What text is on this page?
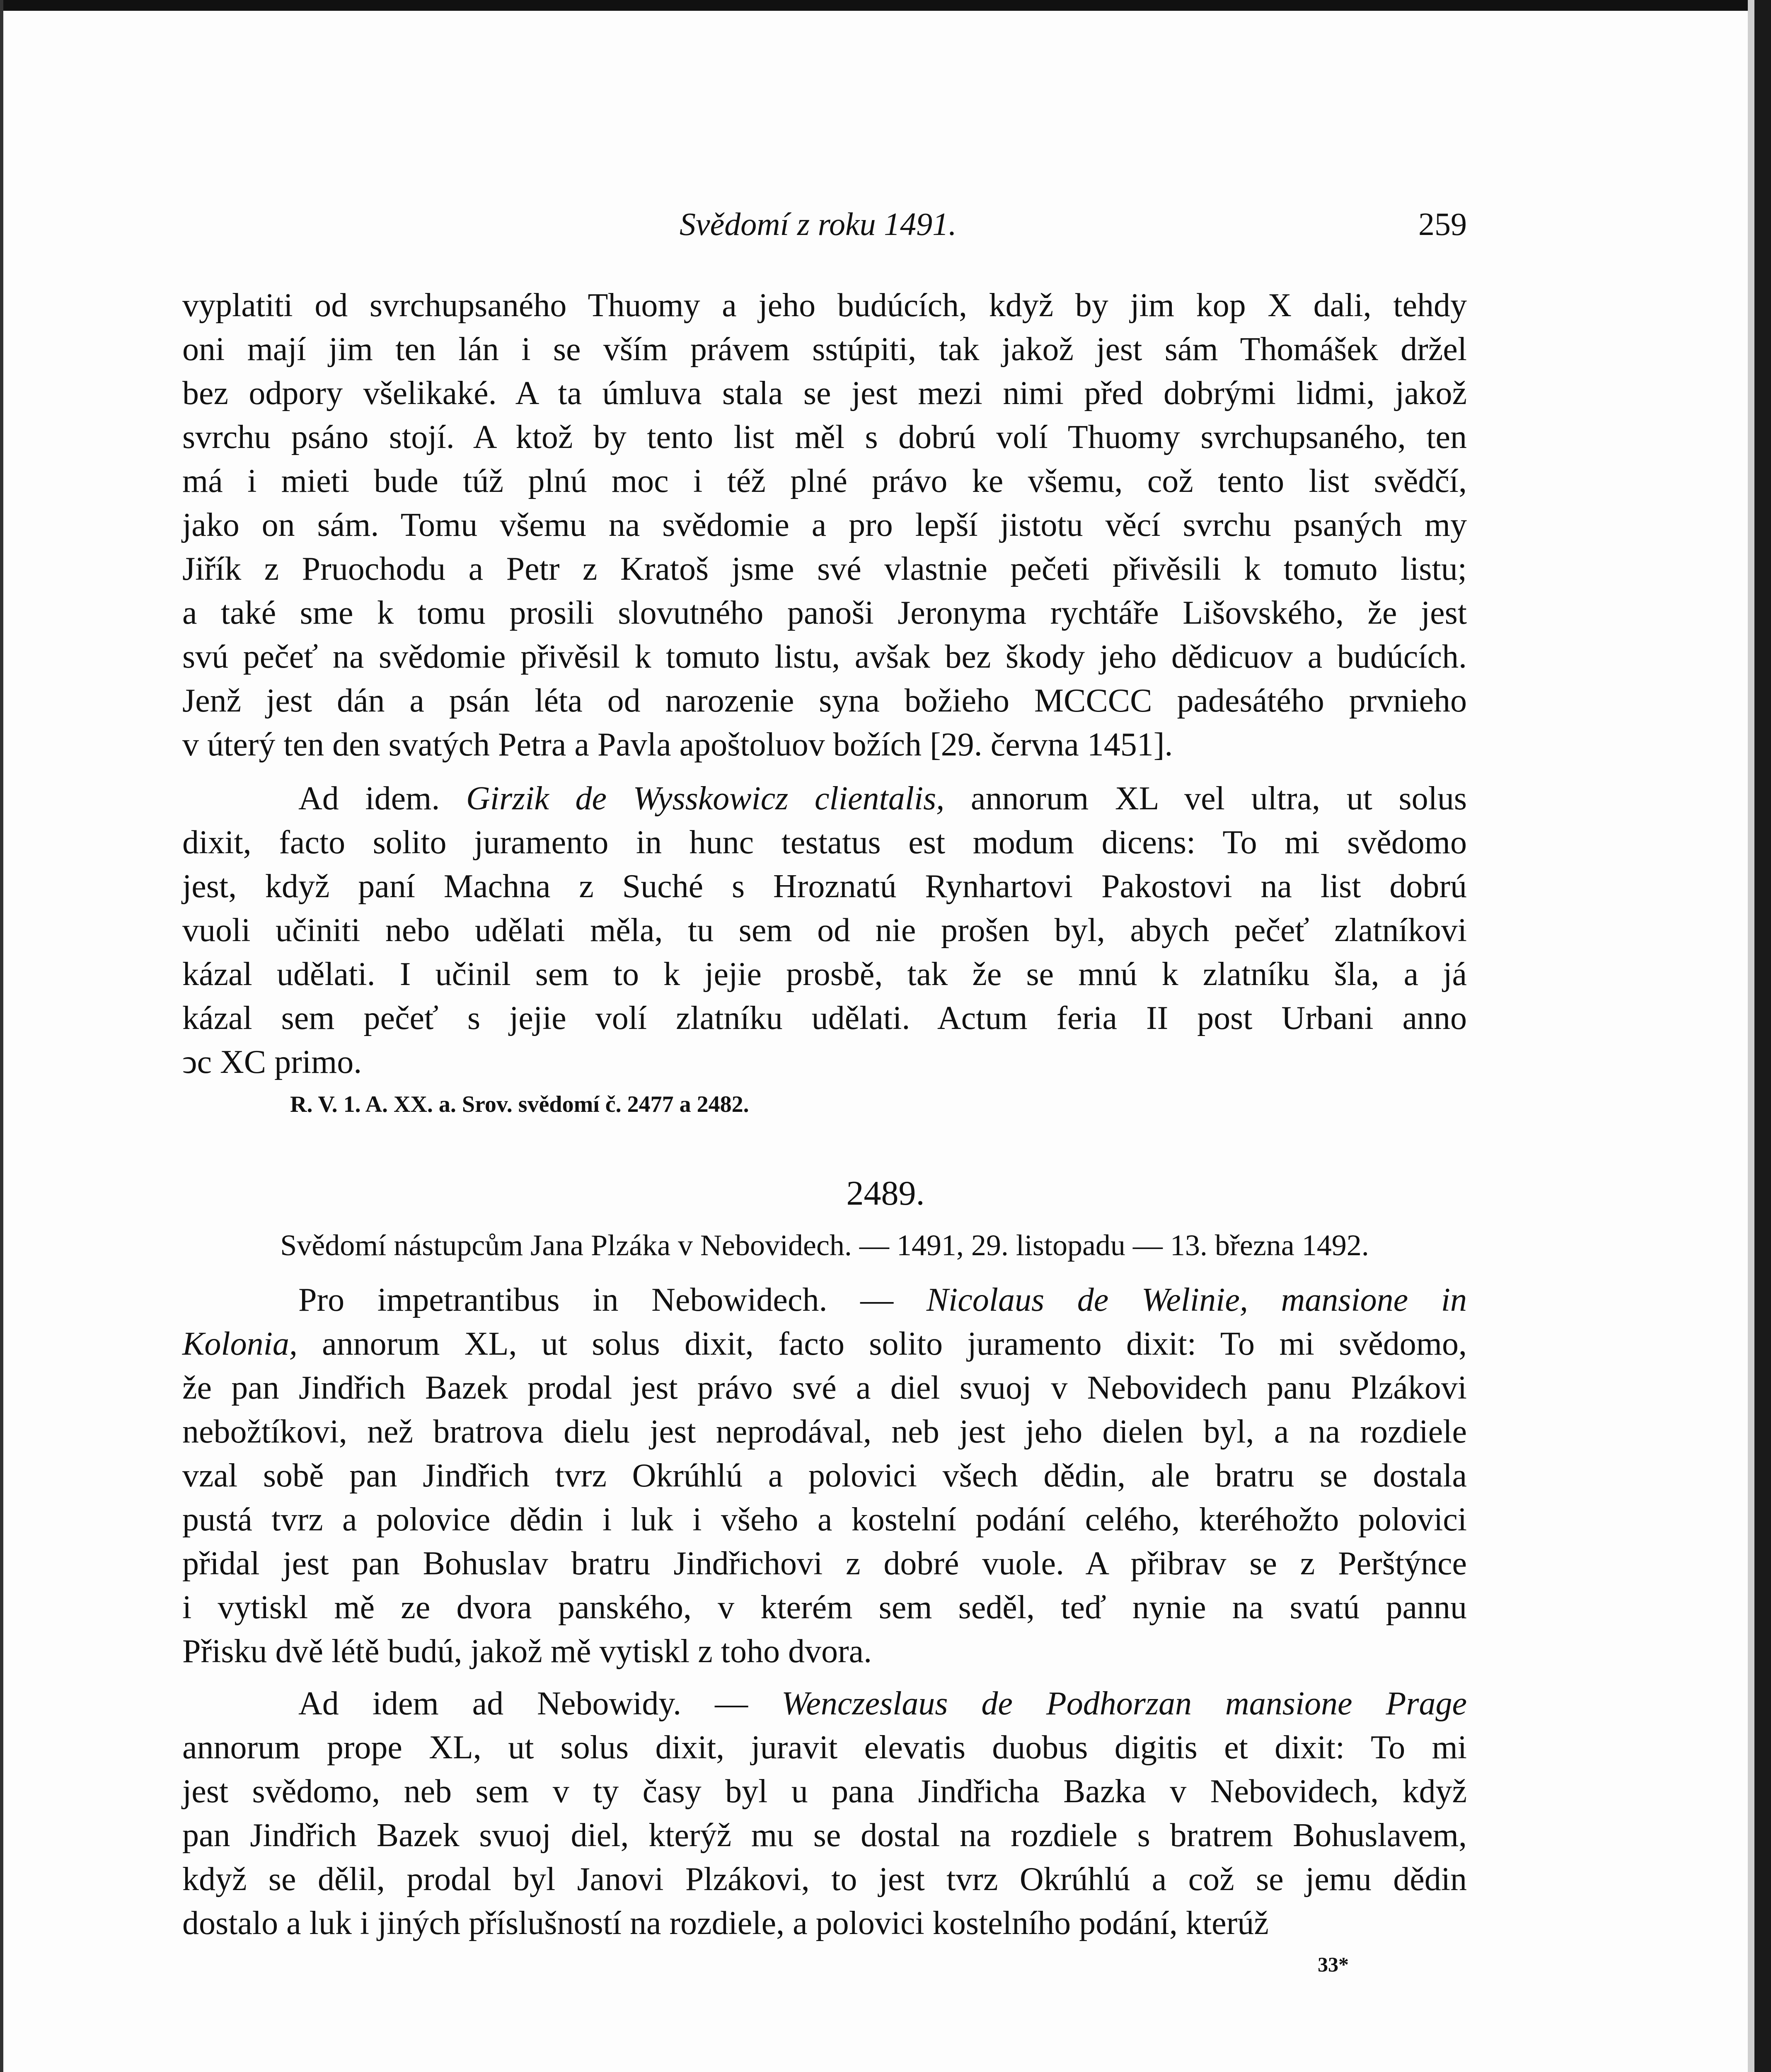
Svědomí z roku 1491.	259
vyplatiti od svrchupsaného Thuomy a jeho budúcích, když by jim kop X dali, tehdy
oni mají jim ten lán i se vším právem sstúpiti, tak jakož jest sám Thomášek držel
bez odpory všelikaké. A ta úmluva stala se jest mezi nimi před dobrými lidmi, jakož
svrchu psáno stojí. A ktož by tento list měl s dobrú volí Thuomy svrchupsaného, ten
má i mieti bude túž plnú moc i též plné právo ke všemu, což tento list svědčí,
jako on sám. Tomu všemu na svědomie a pro lepší jistotu věcí svrchu psaných my
Jiřík z Pruochodu a Petr z Kratoš jsme své vlastnie pečeti přivěsili k tomuto listu;
a také sme k tomu prosili slovutného panoši Jeronyma rychtáře Lišovského, že jest
svú pečeť na svědomie přivěsil k tomuto listu, avšak bez škody jeho dědicuov a budúcích.
Jenž jest dán a psán léta od narozenie syna božieho MCCCC padesátého prvnieho
v úterý ten den svatých Petra a Pavla apoštoluov božích [29. června 1451].
Ad idem. Girzik de Wysskowicz clientalis, annorum XL vel ultra, ut solus
dixit, facto solito juramento in hunc testatus est modum dicens: To mi svědomo
jest, když paní Machna z Suché s Hroznatú Rynhartovi Pakostovi na list dobrú
vuoli učiniti nebo udělati měla, tu sem od nie prošen byl, abych pečeť zlatníkovi
kázal udělati. I učinil sem to k jejie prosbě, tak že se mnú k zlatníku šla, a já
kázal sem pečeť s jejie volí zlatníku udělati. Actum feria II post Urbani anno
ↄc XC primo.
R. V. 1. A. XX. a. Srov. svědomí č. 2477 a 2482.
2489.
Svědomí nástupcům Jana Plzáka v Nebovidech. — 1491, 29. listopadu — 13. března 1492.
Pro impetrantibus in Nebowidech. — Nicolaus de Welinie, mansione in
Kolonia, annorum XL, ut solus dixit, facto solito juramento dixit: To mi svědomo,
že pan Jindřich Bazek prodal jest právo své a diel svuoj v Nebovidech panu Plzákovi
nebožtíkovi, než bratrova dielu jest neprodával, neb jest jeho dielen byl, a na rozdiele
vzal sobě pan Jindřich tvrz Okrúhlú a polovici všech dědin, ale bratru se dostala
pustá tvrz a polovice dědin i luk i všeho a kostelní podání celého, kteréhožto polovici
přidal jest pan Bohuslav bratru Jindřichovi z dobré vuole. A přibrav se z Perštýnce
i vytiskl mě ze dvora panského, v kterém sem seděl, teď nynie na svatú pannu
Přisku dvě létě budú, jakož mě vytiskl z toho dvora.
Ad idem ad Nebowidy. — Wenczeslaus de Podhorzan mansione Prage
annorum prope XL, ut solus dixit, juravit elevatis duobus digitis et dixit: To mi
jest svědomo, neb sem v ty časy byl u pana Jindřicha Bazka v Nebovidech, když
pan Jindřich Bazek svuoj diel, kterýž mu se dostal na rozdiele s bratrem Bohuslavem,
když se dělil, prodal byl Janovi Plzákovi, to jest tvrz Okrúhlú a což se jemu dědin
dostalo a luk i jiných příslušností na rozdiele, a polovici kostelního podání, kterúž
33*
